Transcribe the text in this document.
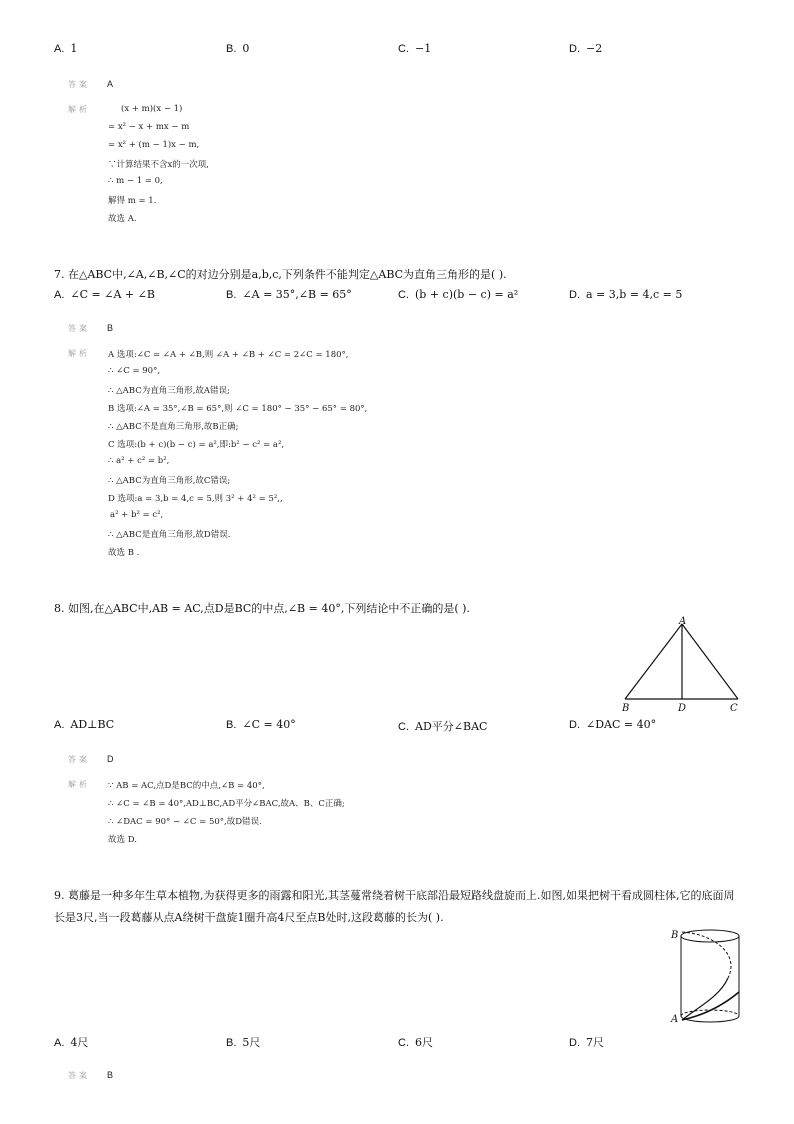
A. 1	B. 0	C. −1	D. −2
答案 A
解析	(x + m)(x − 1)
= x² − x + mx − m
= x² + (m − 1)x − m,
∵计算结果不含x的一次项,
∴ m − 1 = 0,
解得 m = 1.
故选 A.
7. 在△ABC中,∠A,∠B,∠C的对边分别是a,b,c,下列条件不能判定△ABC为直角三角形的是( ).
A. ∠C = ∠A + ∠B	B. ∠A = 35°,∠B = 65°	C. (b + c)(b − c) = a²	D. a = 3,b = 4,c = 5
答案 B
解析 A 选项:∠C = ∠A + ∠B,则 ∠A + ∠B + ∠C = 2∠C = 180°,
∴ ∠C = 90°,
∴ △ABC为直角三角形,故A错误;
B 选项:∠A = 35°,∠B = 65°,则 ∠C = 180° − 35° − 65° = 80°,
∴ △ABC不是直角三角形,故B正确;
C 选项:(b + c)(b − c) = a²,即:b² − c² = a²,
∴ a² + c² = b²,
∴ △ABC为直角三角形,故C错误;
D 选项:a = 3,b = 4,c = 5,则 3² + 4² = 5²,,
a² + b² = c²,
∴ △ABC是直角三角形,故D错误.
故选 B .
8. 如图,在△ABC中,AB = AC,点D是BC的中点,∠B = 40°,下列结论中不正确的是( ).
A
B	D	C
A. AD⊥BC	B. ∠C = 40°	C. AD平分∠BAC	D. ∠DAC = 40°
答案 D
解析 ∵ AB = AC,点D是BC的中点,∠B = 40°,
∴ ∠C = ∠B = 40°,AD⊥BC,AD平分∠BAC,故A、B、C正确;
∴ ∠DAC = 90° − ∠C = 50°,故D错误.
故选 D.
9. 葛藤是一种多年生草本植物,为获得更多的雨露和阳光,其茎蔓常绕着树干底部沿最短路线盘旋而上.如图,如果把树干看成圆柱体,它的底面周
长是3尺,当一段葛藤从点A绕树干盘旋1圈升高4尺至点B处时,这段葛藤的长为( ).
B
A
A. 4尺	B. 5尺	C. 6尺	D. 7尺
答案 B
